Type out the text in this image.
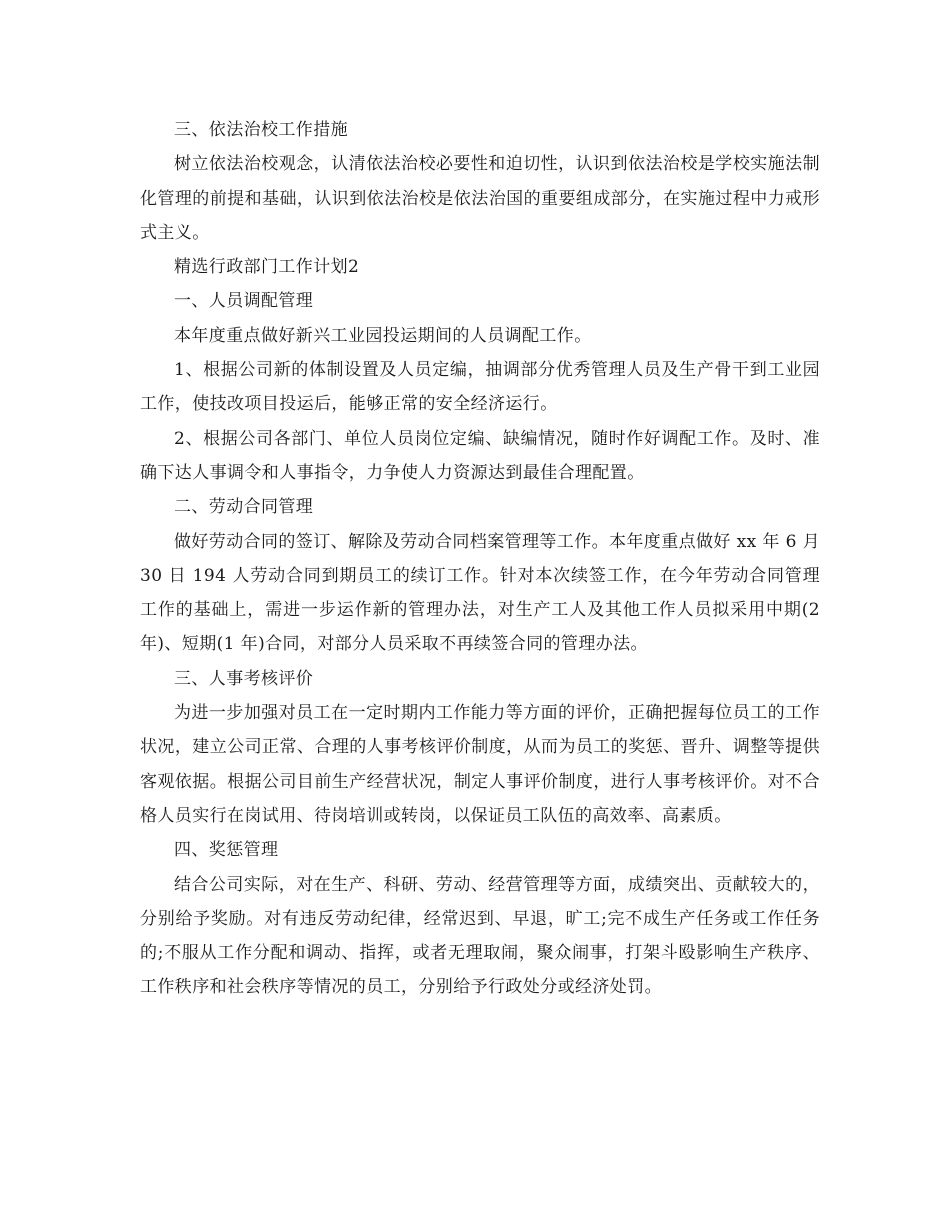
三、依法治校工作措施

树立依法治校观念，认清依法治校必要性和迫切性，认识到依法治校是学校实施法制化管理的前提和基础，认识到依法治校是依法治国的重要组成部分，在实施过程中力戒形式主义。

精选行政部门工作计划2

一、人员调配管理

本年度重点做好新兴工业园投运期间的人员调配工作。

1、根据公司新的体制设置及人员定编，抽调部分优秀管理人员及生产骨干到工业园工作，使技改项目投运后，能够正常的安全经济运行。

2、根据公司各部门、单位人员岗位定编、缺编情况，随时作好调配工作。及时、准确下达人事调令和人事指令，力争使人力资源达到最佳合理配置。

二、劳动合同管理

做好劳动合同的签订、解除及劳动合同档案管理等工作。本年度重点做好 xx 年 6 月 30 日 194 人劳动合同到期员工的续订工作。针对本次续签工作，在今年劳动合同管理工作的基础上，需进一步运作新的管理办法，对生产工人及其他工作人员拟采用中期(2 年)、短期(1 年)合同，对部分人员采取不再续签合同的管理办法。

三、人事考核评价

为进一步加强对员工在一定时期内工作能力等方面的评价，正确把握每位员工的工作状况，建立公司正常、合理的人事考核评价制度，从而为员工的奖惩、晋升、调整等提供客观依据。根据公司目前生产经营状况，制定人事评价制度，进行人事考核评价。对不合格人员实行在岗试用、待岗培训或转岗，以保证员工队伍的高效率、高素质。

四、奖惩管理

结合公司实际，对在生产、科研、劳动、经营管理等方面，成绩突出、贡献较大的，分别给予奖励。对有违反劳动纪律，经常迟到、早退，旷工;完不成生产任务或工作任务的;不服从工作分配和调动、指挥，或者无理取闹，聚众闹事，打架斗殴影响生产秩序、工作秩序和社会秩序等情况的员工，分别给予行政处分或经济处罚。
